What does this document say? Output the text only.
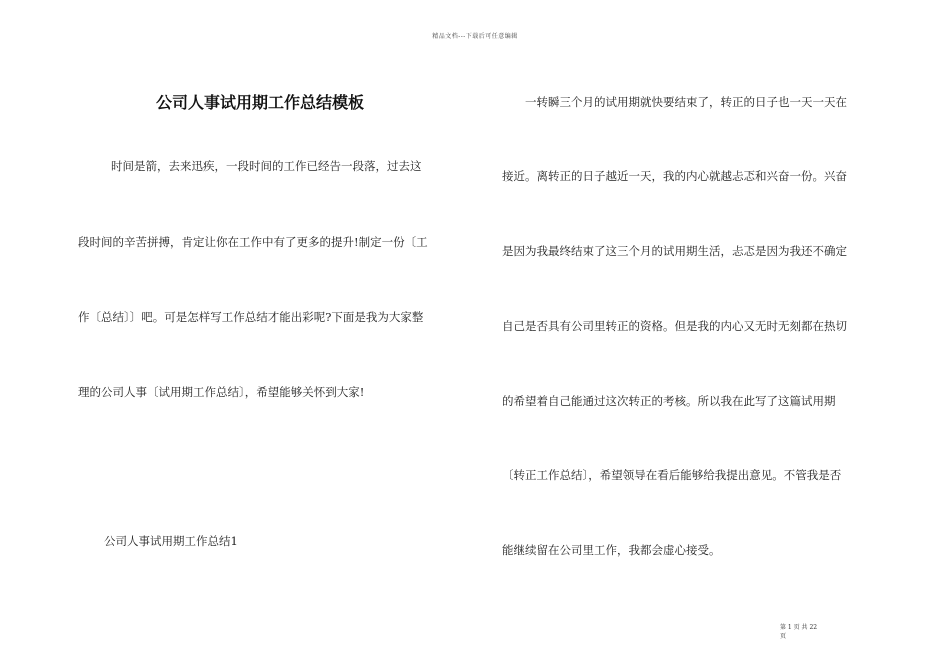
精品文档---下载后可任意编辑
公司人事试用期工作总结模板
时间是箭，去来迅疾，一段时间的工作已经告一段落，过去这
段时间的辛苦拼搏，肯定让你在工作中有了更多的提升!制定一份〔工
作〔总结〕〕吧。可是怎样写工作总结才能出彩呢?下面是我为大家整
理的公司人事〔试用期工作总结〕，希望能够关怀到大家!
公司人事试用期工作总结1
一转瞬三个月的试用期就快要结束了，转正的日子也一天一天在
接近。离转正的日子越近一天，我的内心就越忐忑和兴奋一份。兴奋
是因为我最终结束了这三个月的试用期生活，忐忑是因为我还不确定
自己是否具有公司里转正的资格。但是我的内心又无时无刻都在热切
的希望着自己能通过这次转正的考核。所以我在此写了这篇试用期
〔转正工作总结〕，希望领导在看后能够给我提出意见。不管我是否
能继续留在公司里工作，我都会虚心接受。
第 1 页 共 22
页
